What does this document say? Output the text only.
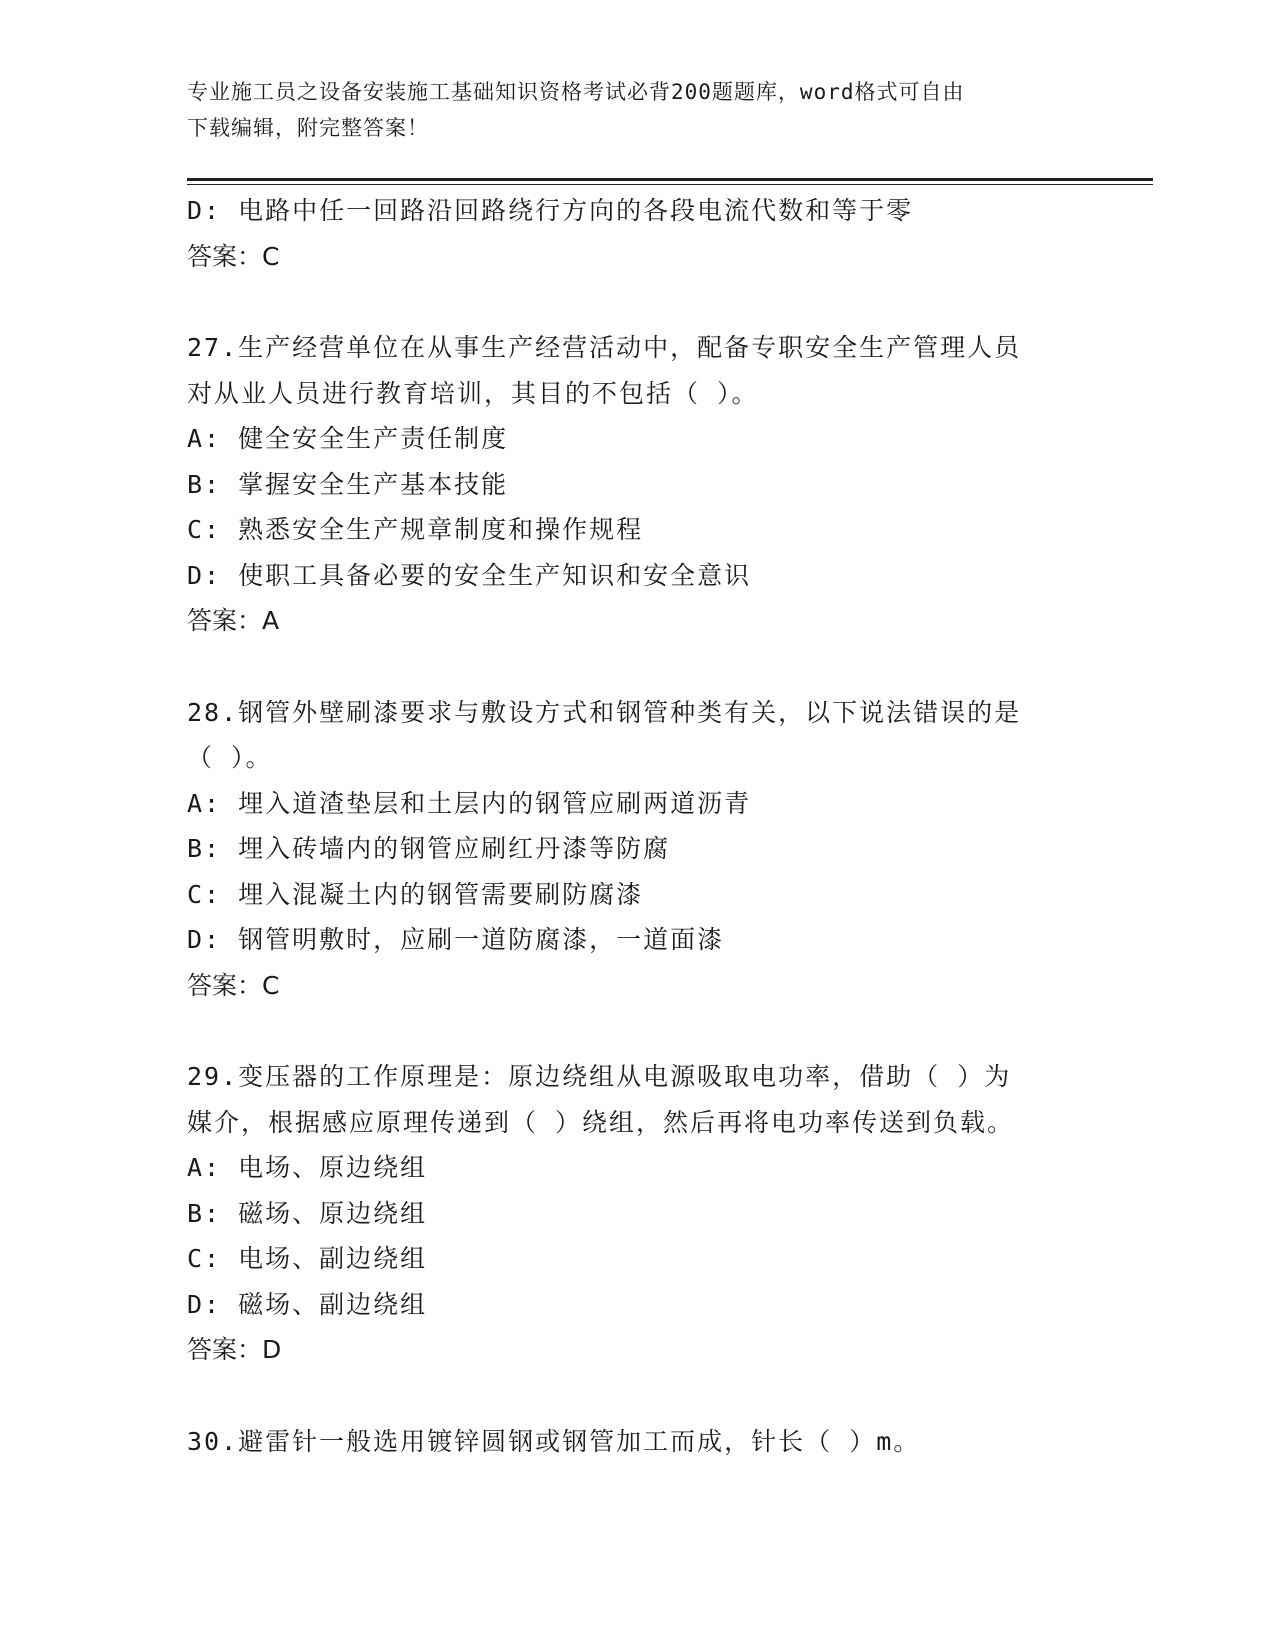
专业施工员之设备安装施工基础知识资格考试必背200题题库，word格式可自由
下载编辑，附完整答案！
D: 电路中任一回路沿回路绕行方向的各段电流代数和等于零
答案：C
27.生产经营单位在从事生产经营活动中，配备专职安全生产管理人员
对从业人员进行教育培训，其目的不包括（ ）。
A: 健全安全生产责任制度
B: 掌握安全生产基本技能
C: 熟悉安全生产规章制度和操作规程
D: 使职工具备必要的安全生产知识和安全意识
答案：A
28.钢管外壁刷漆要求与敷设方式和钢管种类有关，以下说法错误的是
（ ）。
A: 埋入道渣垫层和土层内的钢管应刷两道沥青
B: 埋入砖墙内的钢管应刷红丹漆等防腐
C: 埋入混凝土内的钢管需要刷防腐漆
D: 钢管明敷时，应刷一道防腐漆，一道面漆
答案：C
29.变压器的工作原理是：原边绕组从电源吸取电功率，借助（ ）为
媒介，根据感应原理传递到（ ）绕组，然后再将电功率传送到负载。
A: 电场、原边绕组
B: 磁场、原边绕组
C: 电场、副边绕组
D: 磁场、副边绕组
答案：D
30.避雷针一般选用镀锌圆钢或钢管加工而成，针长（ ）m。
